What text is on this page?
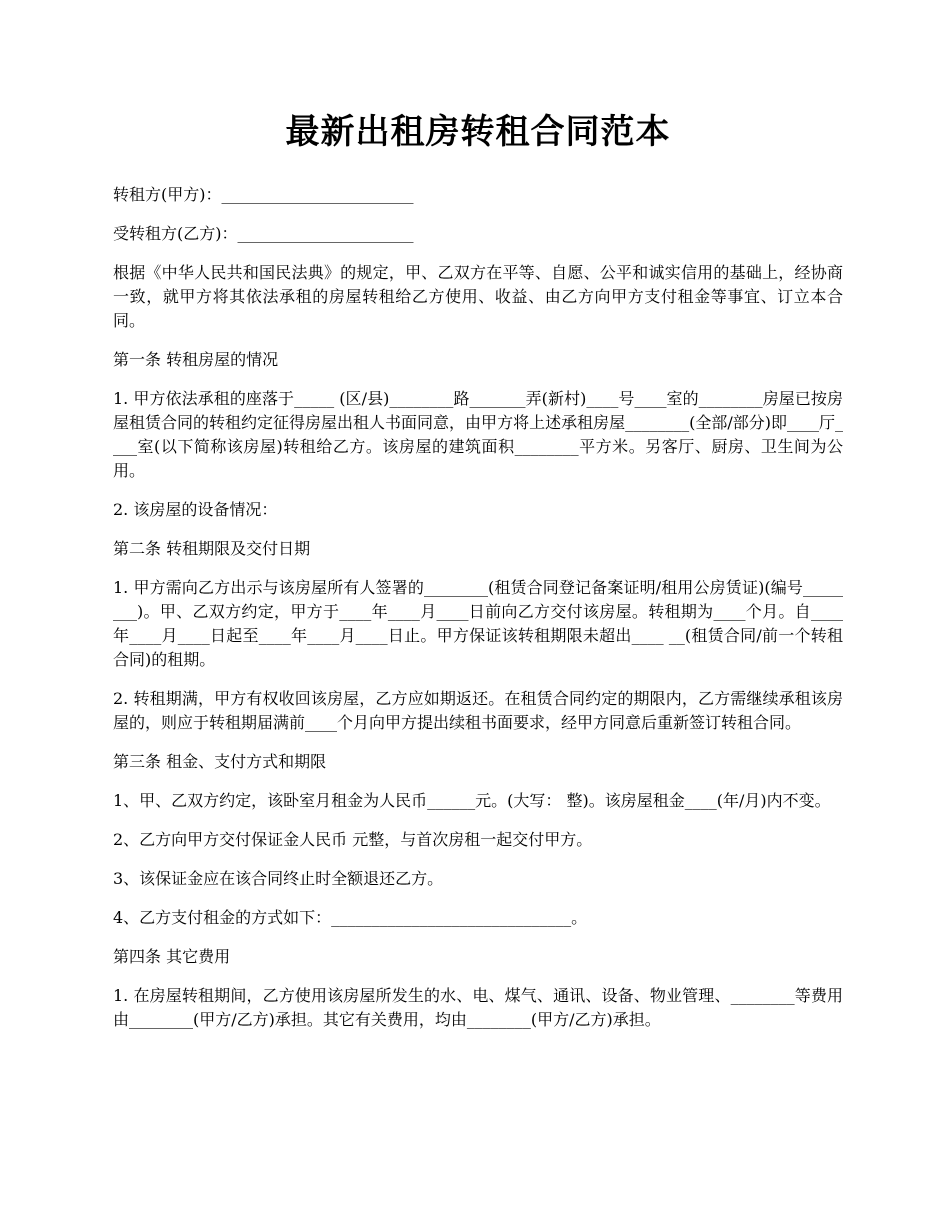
最新出租房转租合同范本

转租方(甲方)：________________________

受转租方(乙方)：______________________

根据《中华人民共和国民法典》的规定，甲、乙双方在平等、自愿、公平和诚实信用的基础上，经协商一致，就甲方将其依法承租的房屋转租给乙方使用、收益、由乙方向甲方支付租金等事宜、订立本合同。

第一条 转租房屋的情况

1. 甲方依法承租的座落于_____ (区/县)________路_______弄(新村)____号____室的________房屋已按房屋租赁合同的转租约定征得房屋出租人书面同意，由甲方将上述承租房屋________(全部/部分)即____厅____室(以下简称该房屋)转租给乙方。该房屋的建筑面积________平方米。另客厅、厨房、卫生间为公用。

2. 该房屋的设备情况：

第二条 转租期限及交付日期

1. 甲方需向乙方出示与该房屋所有人签署的________(租赁合同登记备案证明/租用公房赁证)(编号________)。甲、乙双方约定，甲方于____年____月____日前向乙方交付该房屋。转租期为____个月。自____年____月____日起至____年____月____日止。甲方保证该转租期限未超出____ __(租赁合同/前一个转租合同)的租期。

2. 转租期满，甲方有权收回该房屋，乙方应如期返还。在租赁合同约定的期限内，乙方需继续承租该房屋的，则应于转租期届满前____个月向甲方提出续租书面要求，经甲方同意后重新签订转租合同。

第三条 租金、支付方式和期限

1、甲、乙双方约定，该卧室月租金为人民币______元。(大写： 整)。该房屋租金____(年/月)内不变。

2、乙方向甲方交付保证金人民币 元整，与首次房租一起交付甲方。

3、该保证金应在该合同终止时全额退还乙方。

4、乙方支付租金的方式如下：______________________________。

第四条 其它费用

1. 在房屋转租期间，乙方使用该房屋所发生的水、电、煤气、通讯、设备、物业管理、________等费用由________(甲方/乙方)承担。其它有关费用，均由________(甲方/乙方)承担。
